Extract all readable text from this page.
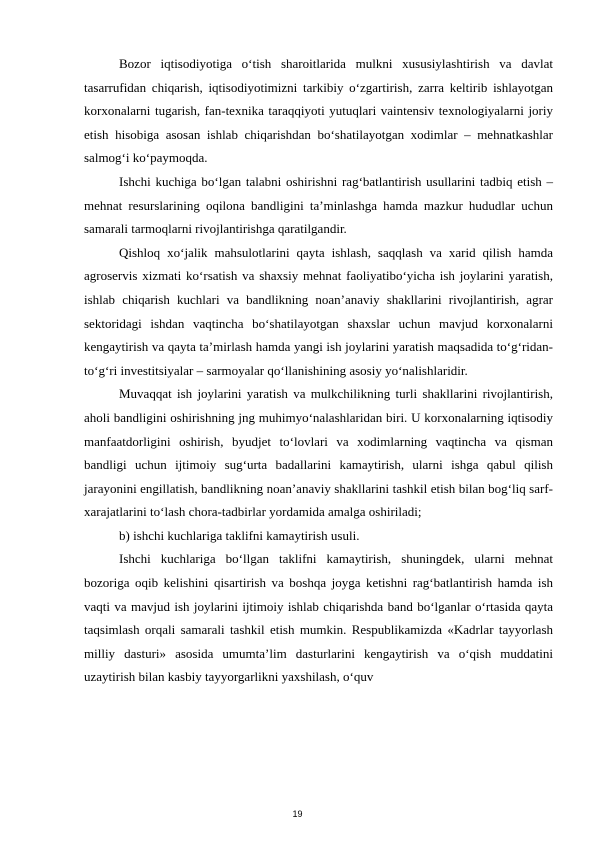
Bozor iqtisodiyotiga o‘tish sharoitlarida mulkni xususiylashtirish va davlat tasarrufidan chiqarish, iqtisodiyotimizni tarkibiy o‘zgartirish, zarra keltirib ishlayotgan korxonalarni tugarish, fan-texnika taraqqiyoti yutuqlari vaintensiv texnologiyalarni joriy etish hisobiga asosan ishlab chiqarishdan bo‘shatilayotgan xodimlar – mehnatkashlar salmog‘i ko‘paymoqda.

Ishchi kuchiga bo‘lgan talabni oshirishni rag‘batlantirish usullarini tadbiq etish – mehnat resurslarining oqilona bandligini ta’minlashga hamda mazkur hududlar uchun samarali tarmoqlarni rivojlantirishga qaratilgandir.

Qishloq xo‘jalik mahsulotlarini qayta ishlash, saqqlash va xarid qilish hamda agroservis xizmati ko‘rsatish va shaxsiy mehnat faoliyatibo‘yicha ish joylarini yaratish, ishlab chiqarish kuchlari va bandlikning noan’anaviy shakllarini rivojlantirish, agrar sektoridagi ishdan vaqtincha bo‘shatilayotgan shaxslar uchun mavjud korxonalarni kengaytirish va qayta ta’mirlash hamda yangi ish joylarini yaratish maqsadida to‘g‘ridan-to‘g‘ri investitsiyalar – sarmoyalar qo‘llanishining asosiy yo‘nalishlaridir.

Muvaqqat ish joylarini yaratish va mulkchilikning turli shakllarini rivojlantirish, aholi bandligini oshirishning jng muhimyo‘nalashlaridan biri. U korxonalarning iqtisodiy manfaatdorligini oshirish, byudjet to‘lovlari va xodimlarning vaqtincha va qisman bandligi uchun ijtimoiy sug‘urta badallarini kamaytirish, ularni ishga qabul qilish jarayonini engillatish, bandlikning noan’anaviy shakllarini tashkil etish bilan bog‘liq sarf-xarajatlarini to‘lash chora-tadbirlar yordamida amalga oshiriladi;

b) ishchi kuchlariga taklifni kamaytirish usuli.

Ishchi kuchlariga bo‘llgan taklifni kamaytirish, shuningdek, ularni mehnat bozoriga oqib kelishini qisartirish va boshqa joyga ketishni rag‘batlantirish hamda ish vaqti va mavjud ish joylarini ijtimoiy ishlab chiqarishda band bo‘lganlar o‘rtasida qayta taqsimlash orqali samarali tashkil etish mumkin. Respublikamizda «Kadrlar tayyorlash milliy dasturi» asosida umumta’lim dasturlarini kengaytirish va o‘qish muddatini uzaytirish bilan kasbiy tayyorgarlikni yaxshilash, o‘quv

19
